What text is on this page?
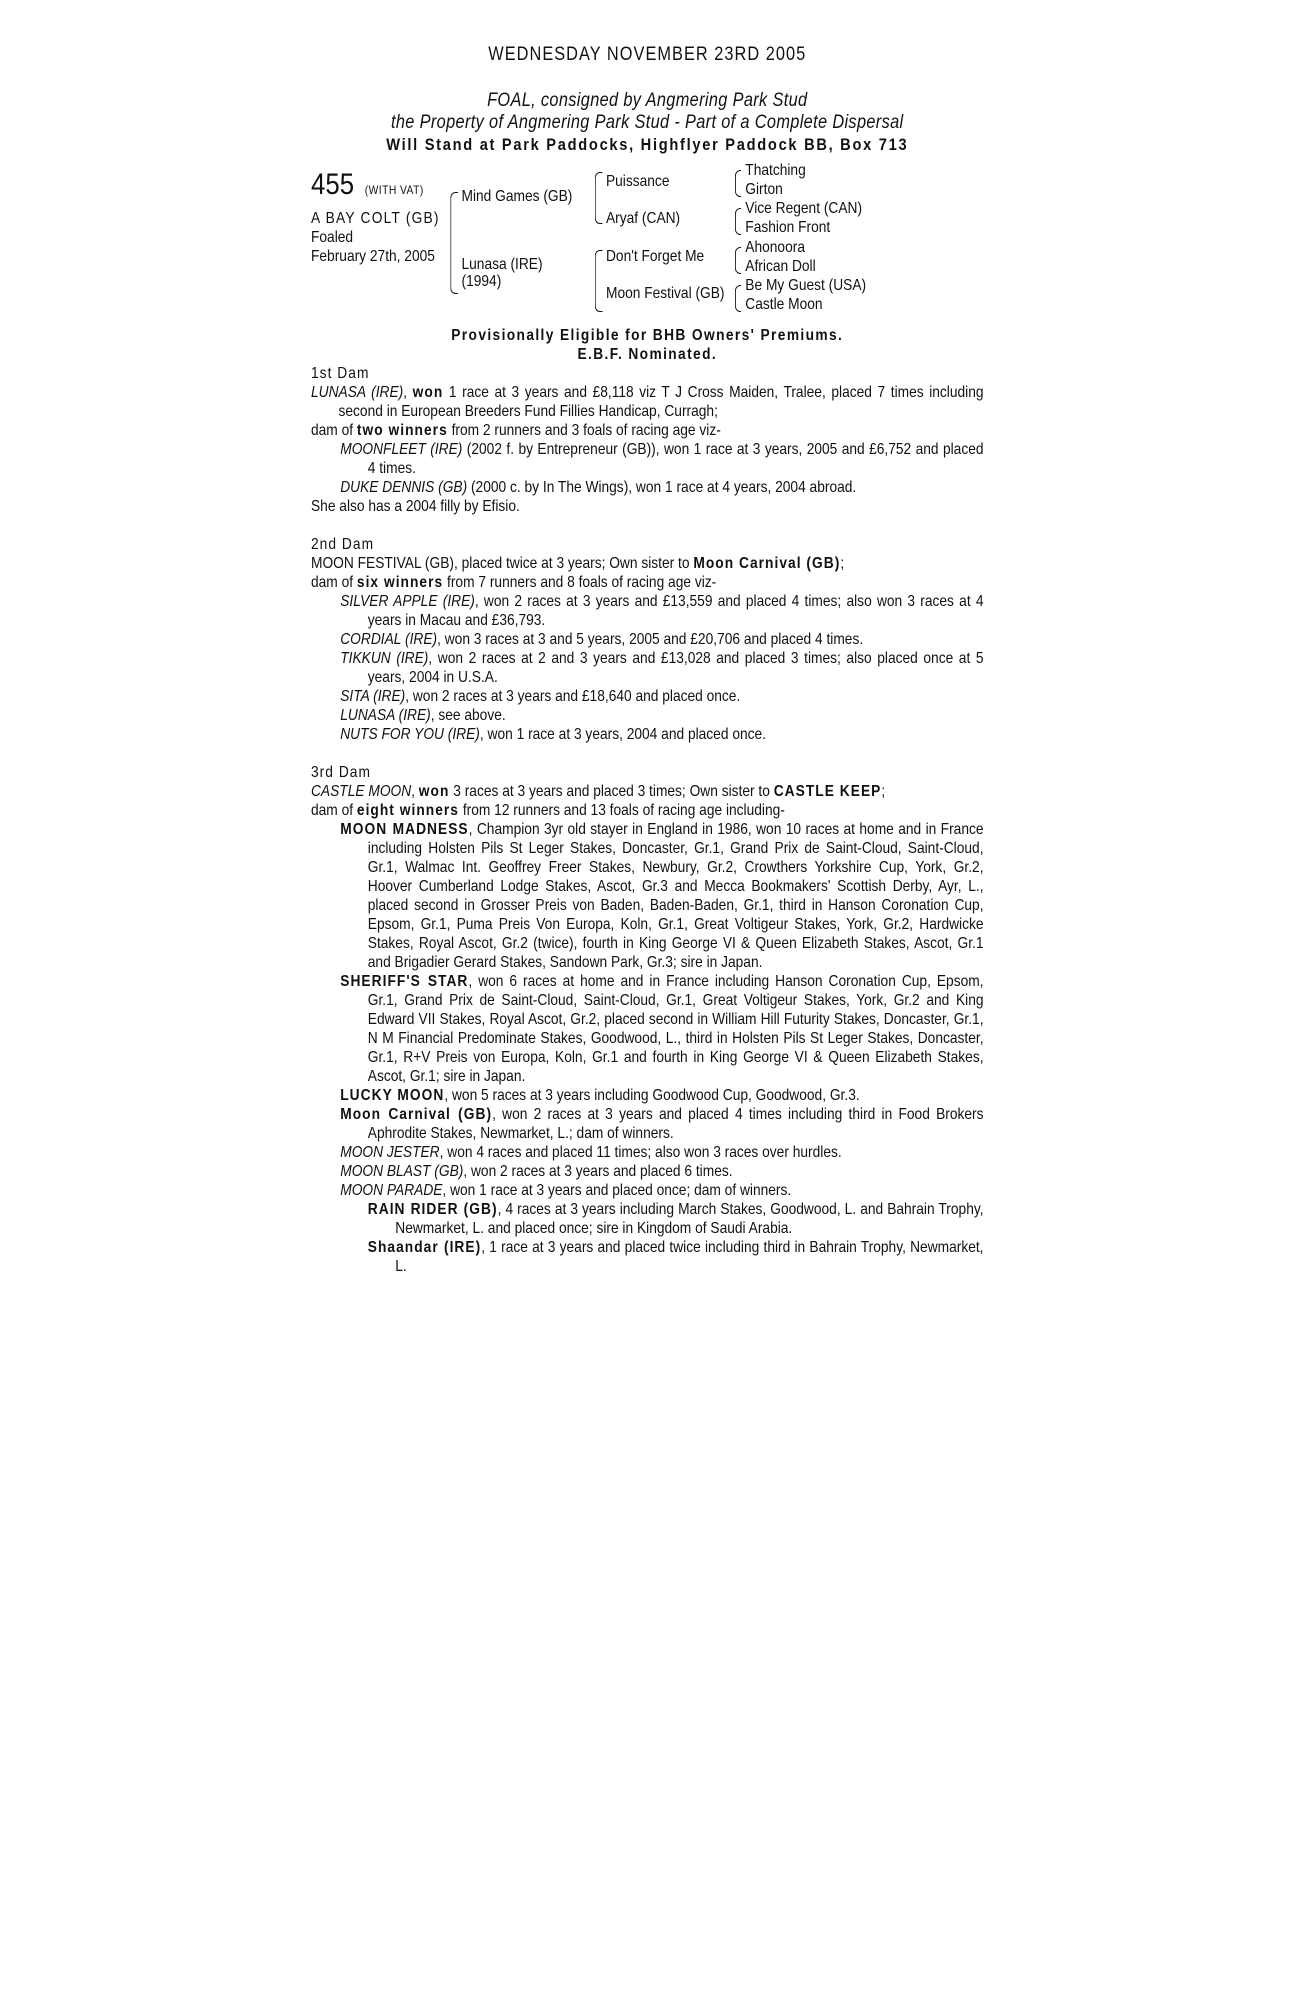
WEDNESDAY NOVEMBER 23RD 2005
FOAL, consigned by Angmering Park Stud
the Property of Angmering Park Stud - Part of a Complete Dispersal
Will Stand at Park Paddocks, Highflyer Paddock BB, Box 713
455 (WITH VAT)
A BAY COLT (GB)
Foaled
February 27th, 2005
Mind Games (GB)
Lunasa (IRE)
(1994)
Puissance
Aryaf (CAN)
Don't Forget Me
Moon Festival (GB)
Thatching
Girton
Vice Regent (CAN)
Fashion Front
Ahonoora
African Doll
Be My Guest (USA)
Castle Moon
Provisionally Eligible for BHB Owners' Premiums.
E.B.F. Nominated.
1st Dam

LUNASA (IRE), won 1 race at 3 years and £8,118 viz T J Cross Maiden, Tralee, placed 7 times including second in European Breeders Fund Fillies Handicap, Curragh;

dam of two winners from 2 runners and 3 foals of racing age viz-

MOONFLEET (IRE) (2002 f. by Entrepreneur (GB)), won 1 race at 3 years, 2005 and £6,752 and placed 4 times.

DUKE DENNIS (GB) (2000 c. by In The Wings), won 1 race at 4 years, 2004 abroad.

She also has a 2004 filly by Efisio.

2nd Dam

MOON FESTIVAL (GB), placed twice at 3 years; Own sister to Moon Carnival (GB);

dam of six winners from 7 runners and 8 foals of racing age viz-

SILVER APPLE (IRE), won 2 races at 3 years and £13,559 and placed 4 times; also won 3 races at 4 years in Macau and £36,793.

CORDIAL (IRE), won 3 races at 3 and 5 years, 2005 and £20,706 and placed 4 times.

TIKKUN (IRE), won 2 races at 2 and 3 years and £13,028 and placed 3 times; also placed once at 5 years, 2004 in U.S.A.

SITA (IRE), won 2 races at 3 years and £18,640 and placed once.

LUNASA (IRE), see above.

NUTS FOR YOU (IRE), won 1 race at 3 years, 2004 and placed once.

3rd Dam

CASTLE MOON, won 3 races at 3 years and placed 3 times; Own sister to CASTLE KEEP;

dam of eight winners from 12 runners and 13 foals of racing age including-

MOON MADNESS, Champion 3yr old stayer in England in 1986, won 10 races at home and in France including Holsten Pils St Leger Stakes, Doncaster, Gr.1, Grand Prix de Saint-Cloud, Saint-Cloud, Gr.1, Walmac Int. Geoffrey Freer Stakes, Newbury, Gr.2, Crowthers Yorkshire Cup, York, Gr.2, Hoover Cumberland Lodge Stakes, Ascot, Gr.3 and Mecca Bookmakers' Scottish Derby, Ayr, L., placed second in Grosser Preis von Baden, Baden-Baden, Gr.1, third in Hanson Coronation Cup, Epsom, Gr.1, Puma Preis Von Europa, Koln, Gr.1, Great Voltigeur Stakes, York, Gr.2, Hardwicke Stakes, Royal Ascot, Gr.2 (twice), fourth in King George VI & Queen Elizabeth Stakes, Ascot, Gr.1 and Brigadier Gerard Stakes, Sandown Park, Gr.3; sire in Japan.

SHERIFF'S STAR, won 6 races at home and in France including Hanson Coronation Cup, Epsom, Gr.1, Grand Prix de Saint-Cloud, Saint-Cloud, Gr.1, Great Voltigeur Stakes, York, Gr.2 and King Edward VII Stakes, Royal Ascot, Gr.2, placed second in William Hill Futurity Stakes, Doncaster, Gr.1, N M Financial Predominate Stakes, Goodwood, L., third in Holsten Pils St Leger Stakes, Doncaster, Gr.1, R+V Preis von Europa, Koln, Gr.1 and fourth in King George VI & Queen Elizabeth Stakes, Ascot, Gr.1; sire in Japan.

LUCKY MOON, won 5 races at 3 years including Goodwood Cup, Goodwood, Gr.3.

Moon Carnival (GB), won 2 races at 3 years and placed 4 times including third in Food Brokers Aphrodite Stakes, Newmarket, L.; dam of winners.

MOON JESTER, won 4 races and placed 11 times; also won 3 races over hurdles.

MOON BLAST (GB), won 2 races at 3 years and placed 6 times.

MOON PARADE, won 1 race at 3 years and placed once; dam of winners.

RAIN RIDER (GB), 4 races at 3 years including March Stakes, Goodwood, L. and Bahrain Trophy, Newmarket, L. and placed once; sire in Kingdom of Saudi Arabia.

Shaandar (IRE), 1 race at 3 years and placed twice including third in Bahrain Trophy, Newmarket, L.
